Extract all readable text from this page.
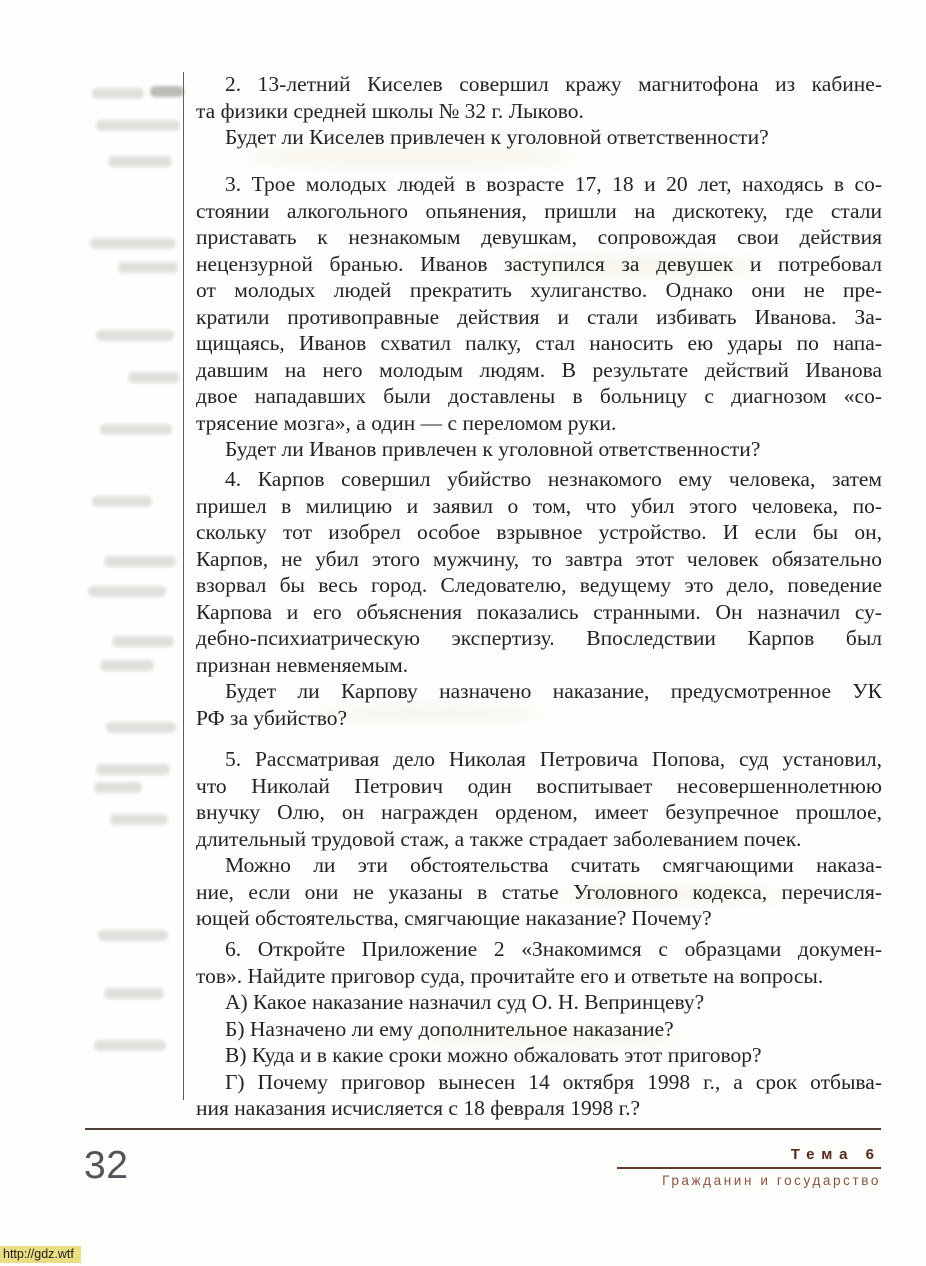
2. 13-летний Киселев совершил кражу магнитофона из кабине-
та физики средней школы № 32 г. Лыково.
Будет ли Киселев привлечен к уголовной ответственности?
3. Трое молодых людей в возрасте 17, 18 и 20 лет, находясь в со-
стоянии алкогольного опьянения, пришли на дискотеку, где стали
приставать к незнакомым девушкам, сопровождая свои действия
нецензурной бранью. Иванов заступился за девушек и потребовал
от молодых людей прекратить хулиганство. Однако они не пре-
кратили противоправные действия и стали избивать Иванова. За-
щищаясь, Иванов схватил палку, стал наносить ею удары по напа-
давшим на него молодым людям. В результате действий Иванова
двое нападавших были доставлены в больницу с диагнозом «со-
трясение мозга», а один — с переломом руки.
Будет ли Иванов привлечен к уголовной ответственности?
4. Карпов совершил убийство незнакомого ему человека, затем
пришел в милицию и заявил о том, что убил этого человека, по-
скольку тот изобрел особое взрывное устройство. И если бы он,
Карпов, не убил этого мужчину, то завтра этот человек обязательно
взорвал бы весь город. Следователю, ведущему это дело, поведение
Карпова и его объяснения показались странными. Он назначил су-
дебно-психиатрическую экспертизу. Впоследствии Карпов был
признан невменяемым.
Будет ли Карпову назначено наказание, предусмотренное УК
РФ за убийство?
5. Рассматривая дело Николая Петровича Попова, суд установил,
что Николай Петрович один воспитывает несовершеннолетнюю
внучку Олю, он награжден орденом, имеет безупречное прошлое,
длительный трудовой стаж, а также страдает заболеванием почек.
Можно ли эти обстоятельства считать смягчающими наказа-
ние, если они не указаны в статье Уголовного кодекса, перечисля-
ющей обстоятельства, смягчающие наказание? Почему?
6. Откройте Приложение 2 «Знакомимся с образцами докумен-
тов». Найдите приговор суда, прочитайте его и ответьте на вопросы.
А) Какое наказание назначил суд О. Н. Вепринцеву?
Б) Назначено ли ему дополнительное наказание?
В) Куда и в какие сроки можно обжаловать этот приговор?
Г) Почему приговор вынесен 14 октября 1998 г., а срок отбыва-
ния наказания исчисляется с 18 февраля 1998 г.?
32	Тема 6
Гражданин и государство
http://gdz.wtf
